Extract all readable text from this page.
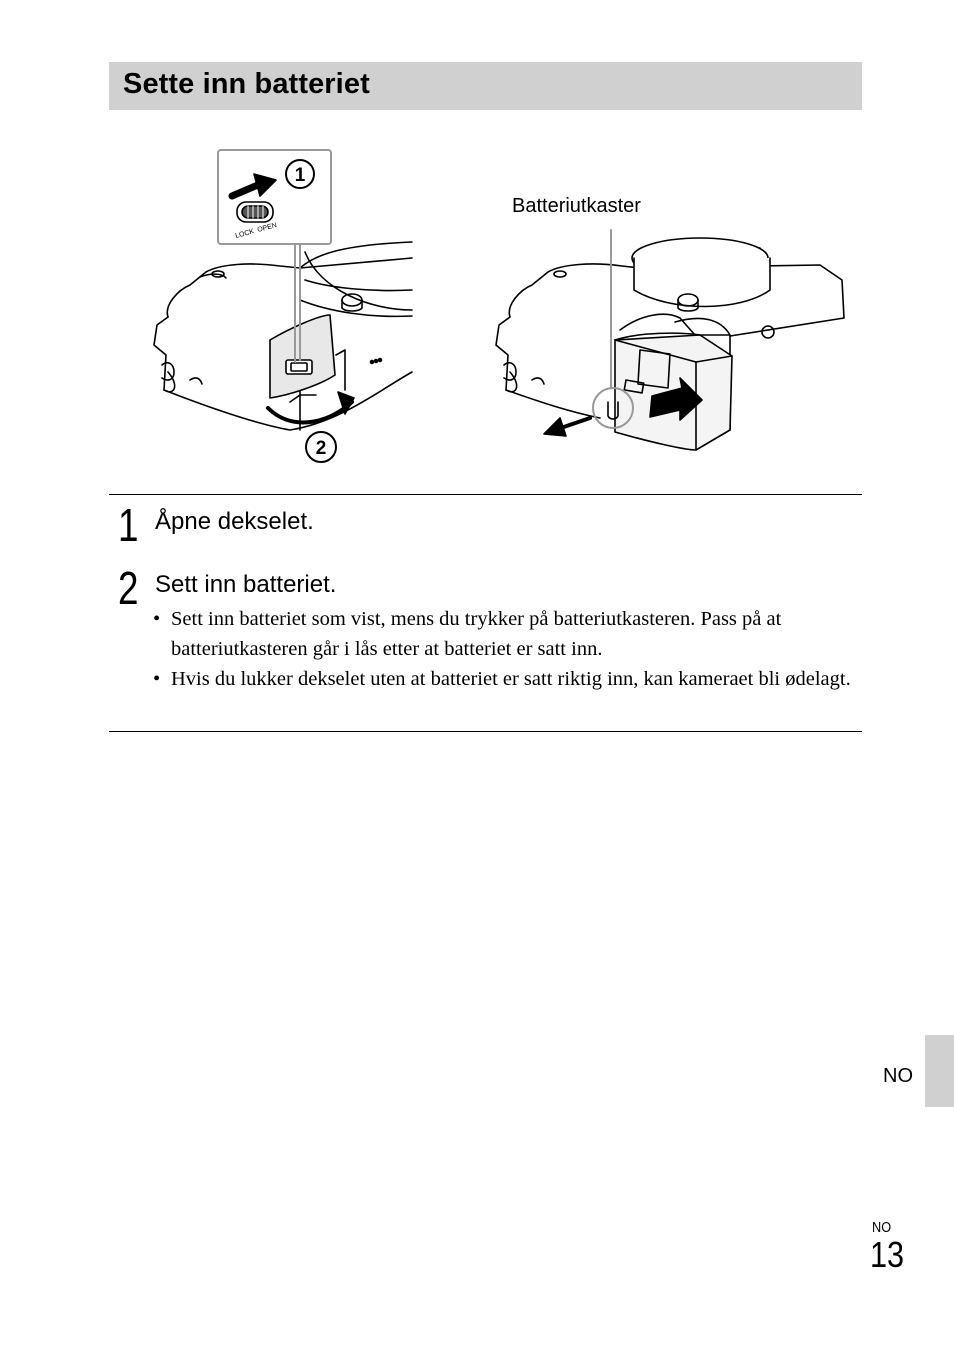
Sette inn batteriet
LOCK
OPEN
1
2
Batteriutkaster
1 Åpne dekselet.
2 Sett inn batteriet.
• Sett inn batteriet som vist, mens du trykker på batteriutkasteren. Pass på at batteriutkasteren går i lås etter at batteriet er satt inn.
• Hvis du lukker dekselet uten at batteriet er satt riktig inn, kan kameraet bli ødelagt.
NO
NO
13
